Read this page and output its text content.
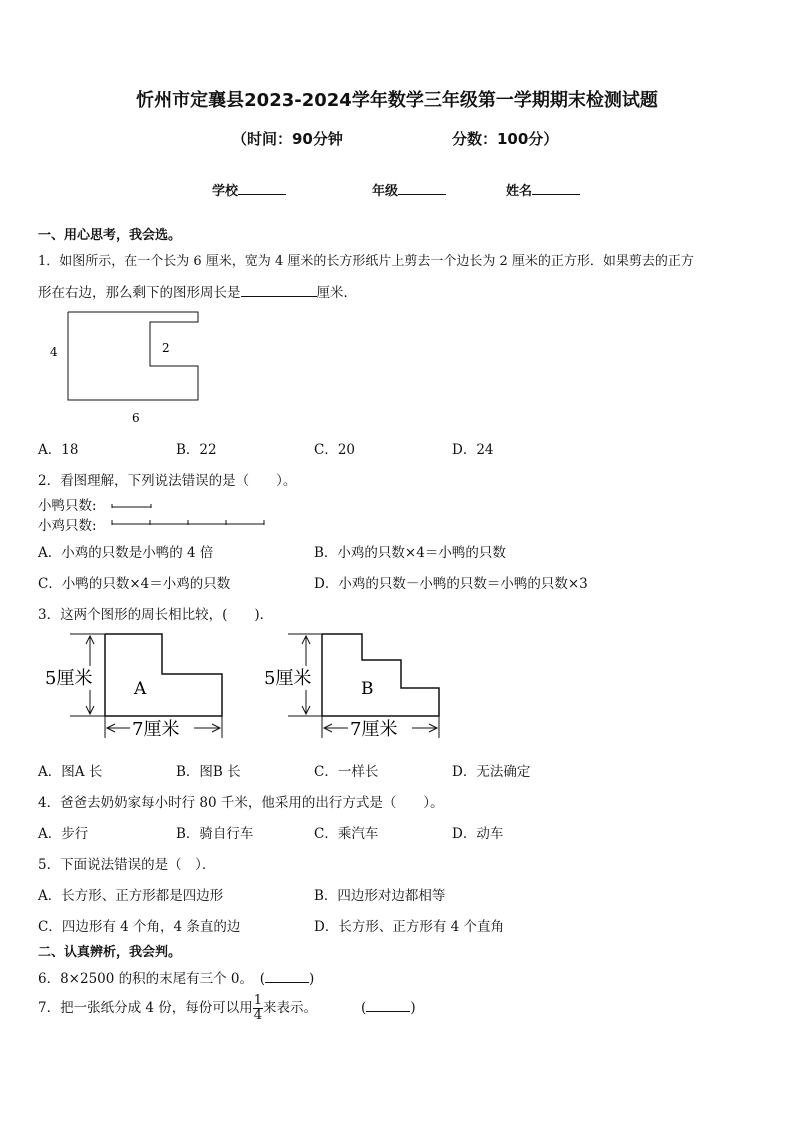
忻州市定襄县2023-2024学年数学三年级第一学期期末检测试题
（时间：90分钟	分数：100分）
学校	年级	姓名
一、用心思考，我会选。
1．如图所示，在一个长为 6 厘米，宽为 4 厘米的长方形纸片上剪去一个边长为 2 厘米的正方形．如果剪去的正方
形在右边，那么剩下的图形周长是	厘米．
4	2
6
A．18	B．22	C．20	D．24
2．看图理解，下列说法错误的是（　　）。
小鸭只数:
小鸡只数:
A．小鸡的只数是小鸭的 4 倍	B．小鸡的只数×4＝小鸭的只数
C．小鸭的只数×4＝小鸡的只数	D．小鸡的只数－小鸭的只数＝小鸭的只数×3
3．这两个图形的周长相比较，(　　)．
5厘米 A
7厘米
5厘米	B
7厘米
A．图A 长	B．图B 长	C．一样长	D．无法确定
4．爸爸去奶奶家每小时行 80 千米，他采用的出行方式是（　　）。
A．步行	B．骑自行车	C．乘汽车	D．动车
5．下面说法错误的是（　）．
A．长方形、正方形都是四边形	B．四边形对边都相等
C．四边形有 4 个角，4 条直的边	D．长方形、正方形有 4 个直角
二、认真辨析，我会判。
6．8×2500 的积的末尾有三个 0。　(	)
7．把一张纸分成 4 份，每份可以用 $\frac{1}{4}$ 来表示。	(	)
